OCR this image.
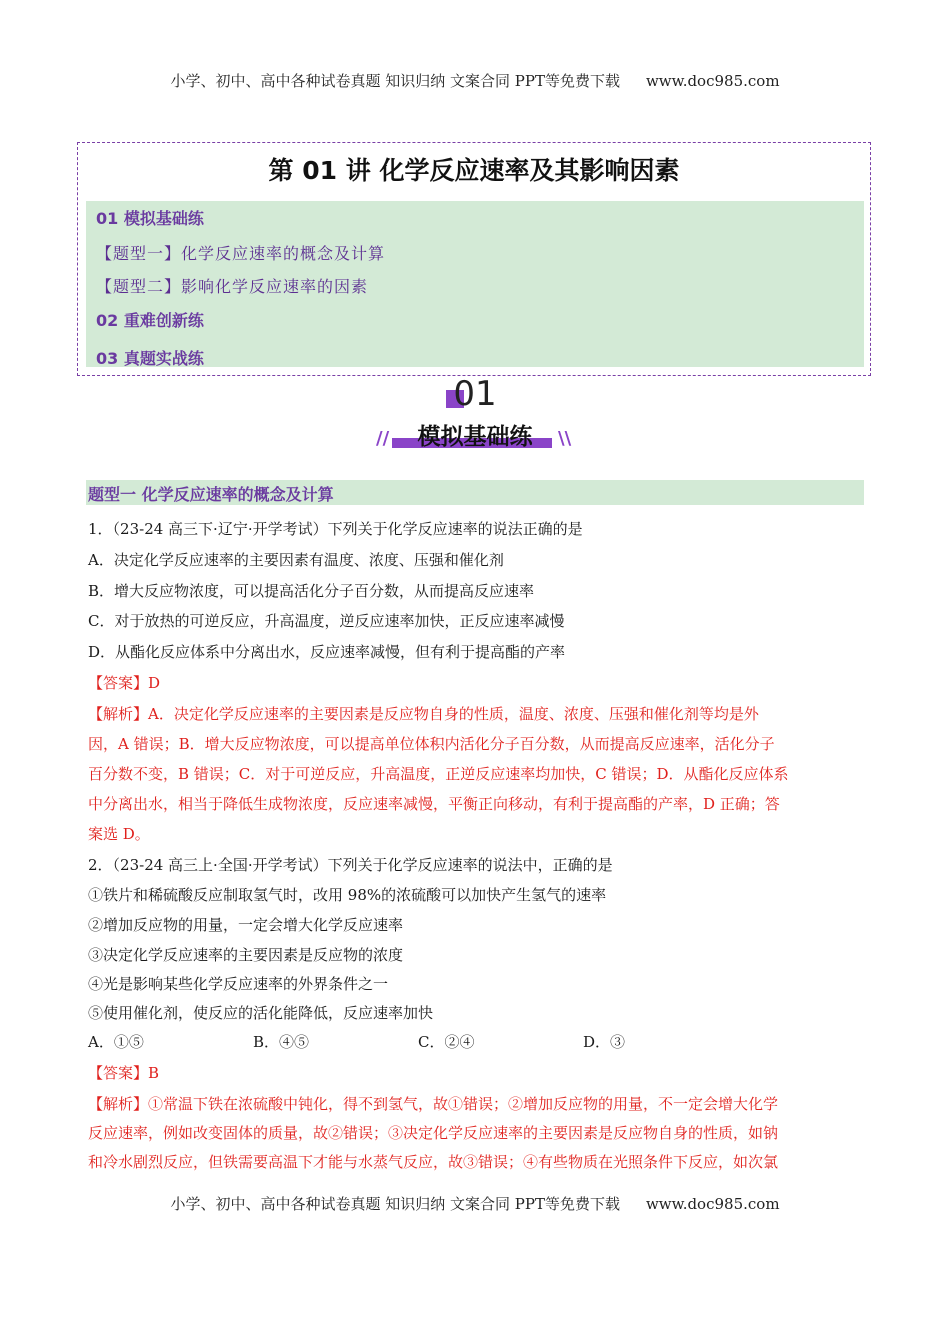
小学、初中、高中各种试卷真题 知识归纳 文案合同 PPT等免费下载 www.doc985.com
第 01 讲 化学反应速率及其影响因素
01 模拟基础练
【题型一】化学反应速率的概念及计算
【题型二】影响化学反应速率的因素
02 重难创新练
03 真题实战练
01
模拟基础练
//	\\
题型一 化学反应速率的概念及计算
1．（23-24 高三下·辽宁·开学考试）下列关于化学反应速率的说法正确的是
A．决定化学反应速率的主要因素有温度、浓度、压强和催化剂
B．增大反应物浓度，可以提高活化分子百分数，从而提高反应速率
C．对于放热的可逆反应，升高温度，逆反应速率加快，正反应速率减慢
D．从酯化反应体系中分离出水，反应速率减慢，但有利于提高酯的产率
【答案】D
【解析】A．决定化学反应速率的主要因素是反应物自身的性质，温度、浓度、压强和催化剂等均是外
因，A 错误；B．增大反应物浓度，可以提高单位体积内活化分子百分数，从而提高反应速率，活化分子
百分数不变，B 错误；C．对于可逆反应，升高温度，正逆反应速率均加快，C 错误；D．从酯化反应体系
中分离出水，相当于降低生成物浓度，反应速率减慢，平衡正向移动，有利于提高酯的产率，D 正确；答
案选 D。
2．（23-24 高三上·全国·开学考试）下列关于化学反应速率的说法中，正确的是
①铁片和稀硫酸反应制取氢气时，改用 98%的浓硫酸可以加快产生氢气的速率
②增加反应物的用量，一定会增大化学反应速率
③决定化学反应速率的主要因素是反应物的浓度
④光是影响某些化学反应速率的外界条件之一
⑤使用催化剂，使反应的活化能降低，反应速率加快
A．①⑤	B．④⑤	C．②④	D．③
【答案】B
【解析】①常温下铁在浓硫酸中钝化，得不到氢气，故①错误；②增加反应物的用量，不一定会增大化学
反应速率，例如改变固体的质量，故②错误；③决定化学反应速率的主要因素是反应物自身的性质，如钠
和冷水剧烈反应，但铁需要高温下才能与水蒸气反应，故③错误；④有些物质在光照条件下反应，如次氯
小学、初中、高中各种试卷真题 知识归纳 文案合同 PPT等免费下载 www.doc985.com
